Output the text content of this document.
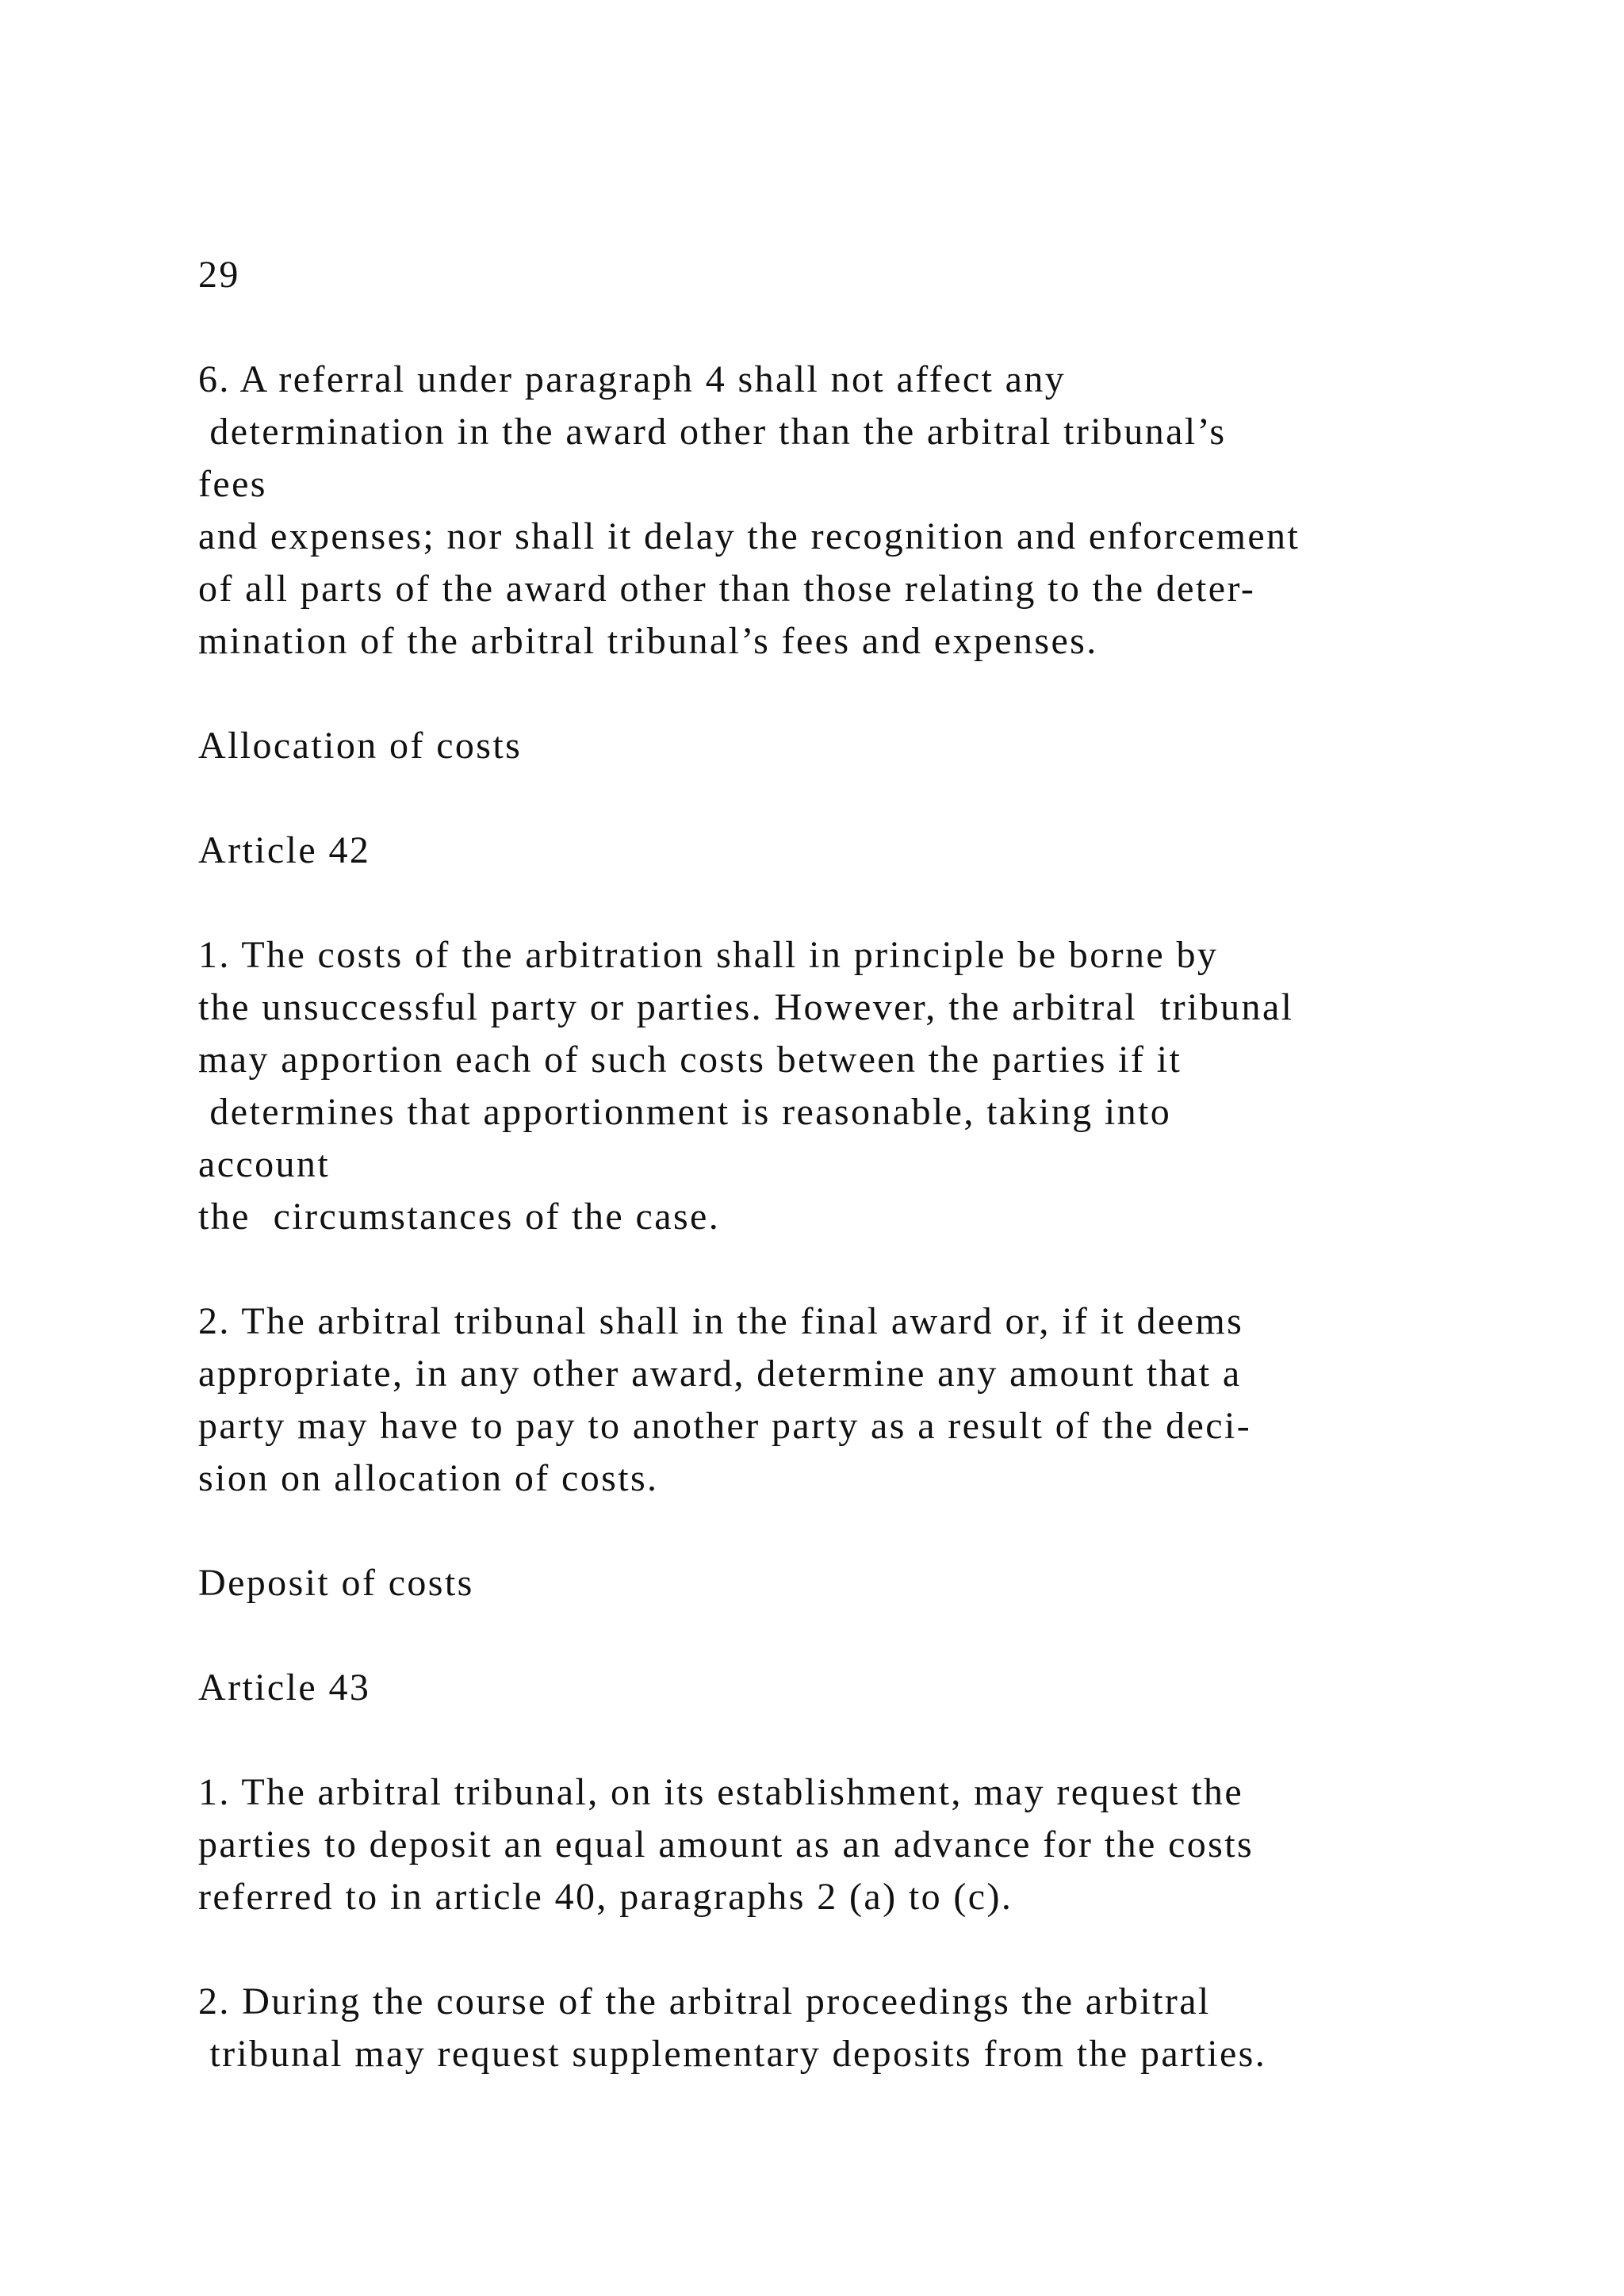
29

6. A referral under paragraph 4 shall not affect any

determination in the award other than the arbitral tribunal’s

fees

and expenses; nor shall it delay the recognition and enforcement

of all parts of the award other than those relating to the deter-

mination of the arbitral tribunal’s fees and expenses.

Allocation of costs

Article 42

1. The costs of the arbitration shall in principle be borne by

the unsuccessful party or parties. However, the arbitral  tribunal

may apportion each of such costs between the parties if it

determines that apportionment is reasonable, taking into

account

the  circumstances of the case.

2. The arbitral tribunal shall in the final award or, if it deems

appropriate, in any other award, determine any amount that a

party may have to pay to another party as a result of the deci-

sion on allocation of costs.

Deposit of costs

Article 43

1. The arbitral tribunal, on its establishment, may request the

parties to deposit an equal amount as an advance for the costs

referred to in article 40, paragraphs 2 (a) to (c).

2. During the course of the arbitral proceedings the arbitral

tribunal may request supplementary deposits from the parties.
